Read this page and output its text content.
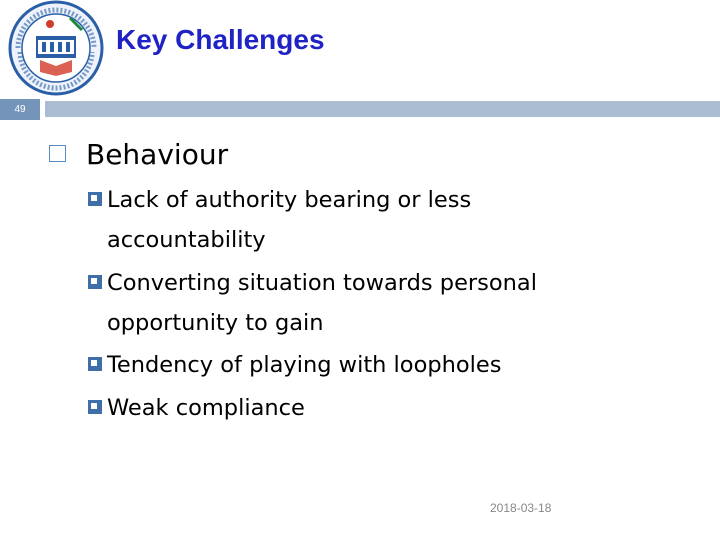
Key Challenges
49
Behaviour
Lack of authority bearing or less
accountability
Converting situation towards personal
opportunity to gain
Tendency of playing with loopholes
Weak compliance
2018-03-18
